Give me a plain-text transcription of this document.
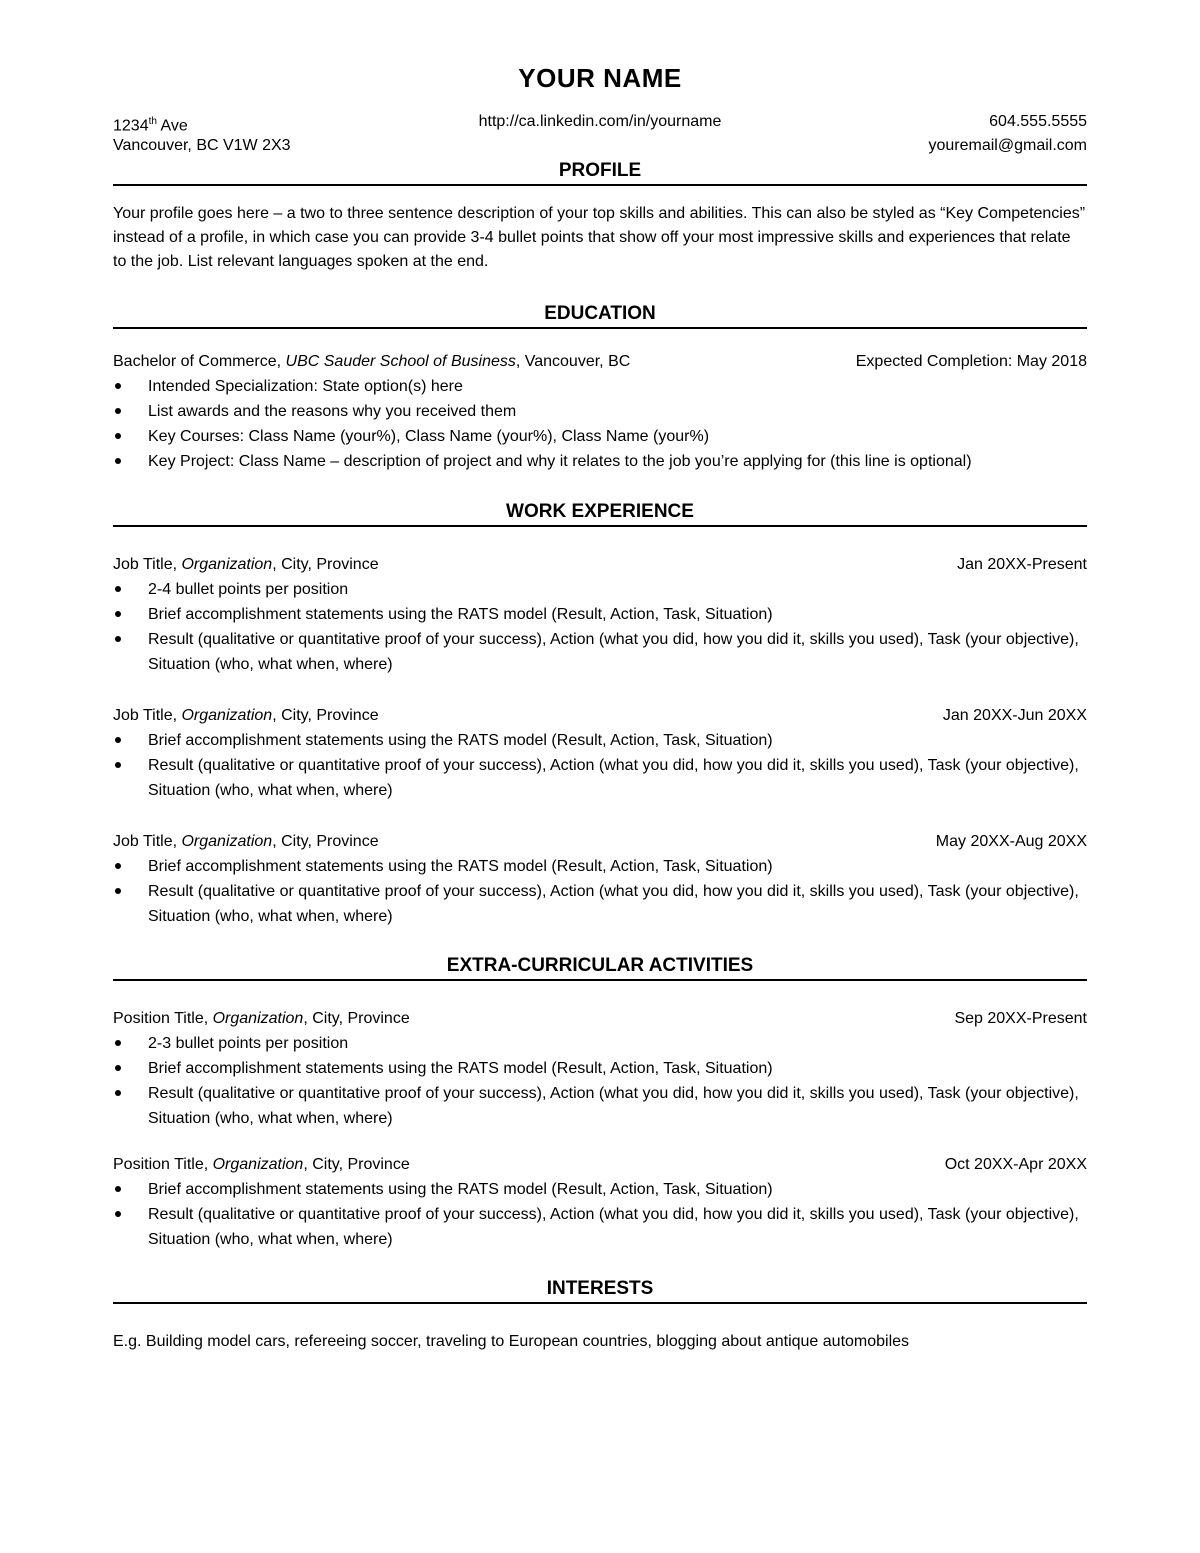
YOUR NAME
1234th Ave	http://ca.linkedin.com/in/yourname	604.555.5555
Vancouver, BC V1W 2X3	youremail@gmail.com
PROFILE

Your profile goes here – a two to three sentence description of your top skills and abilities. This can also be styled as “Key Competencies” instead of a profile, in which case you can provide 3-4 bullet points that show off your most impressive skills and experiences that relate to the job. List relevant languages spoken at the end.

EDUCATION
Bachelor of Commerce, UBC Sauder School of Business, Vancouver, BC	Expected Completion: May 2018
Intended Specialization: State option(s) here
List awards and the reasons why you received them
Key Courses: Class Name (your%), Class Name (your%), Class Name (your%)
Key Project: Class Name – description of project and why it relates to the job you’re applying for (this line is optional)
WORK EXPERIENCE
Job Title, Organization, City, Province	Jan 20XX-Present
2-4 bullet points per position
Brief accomplishment statements using the RATS model (Result, Action, Task, Situation)
Result (qualitative or quantitative proof of your success), Action (what you did, how you did it, skills you used), Task (your objective), Situation (who, what when, where)
Job Title, Organization, City, Province	Jan 20XX-Jun 20XX
Brief accomplishment statements using the RATS model (Result, Action, Task, Situation)
Result (qualitative or quantitative proof of your success), Action (what you did, how you did it, skills you used), Task (your objective), Situation (who, what when, where)
Job Title, Organization, City, Province	May 20XX-Aug 20XX
Brief accomplishment statements using the RATS model (Result, Action, Task, Situation)
Result (qualitative or quantitative proof of your success), Action (what you did, how you did it, skills you used), Task (your objective), Situation (who, what when, where)
EXTRA-CURRICULAR ACTIVITIES
Position Title, Organization, City, Province	Sep 20XX-Present
2-3 bullet points per position
Brief accomplishment statements using the RATS model (Result, Action, Task, Situation)
Result (qualitative or quantitative proof of your success), Action (what you did, how you did it, skills you used), Task (your objective), Situation (who, what when, where)
Position Title, Organization, City, Province	Oct 20XX-Apr 20XX
Brief accomplishment statements using the RATS model (Result, Action, Task, Situation)
Result (qualitative or quantitative proof of your success), Action (what you did, how you did it, skills you used), Task (your objective), Situation (who, what when, where)
INTERESTS

E.g. Building model cars, refereeing soccer, traveling to European countries, blogging about antique automobiles
